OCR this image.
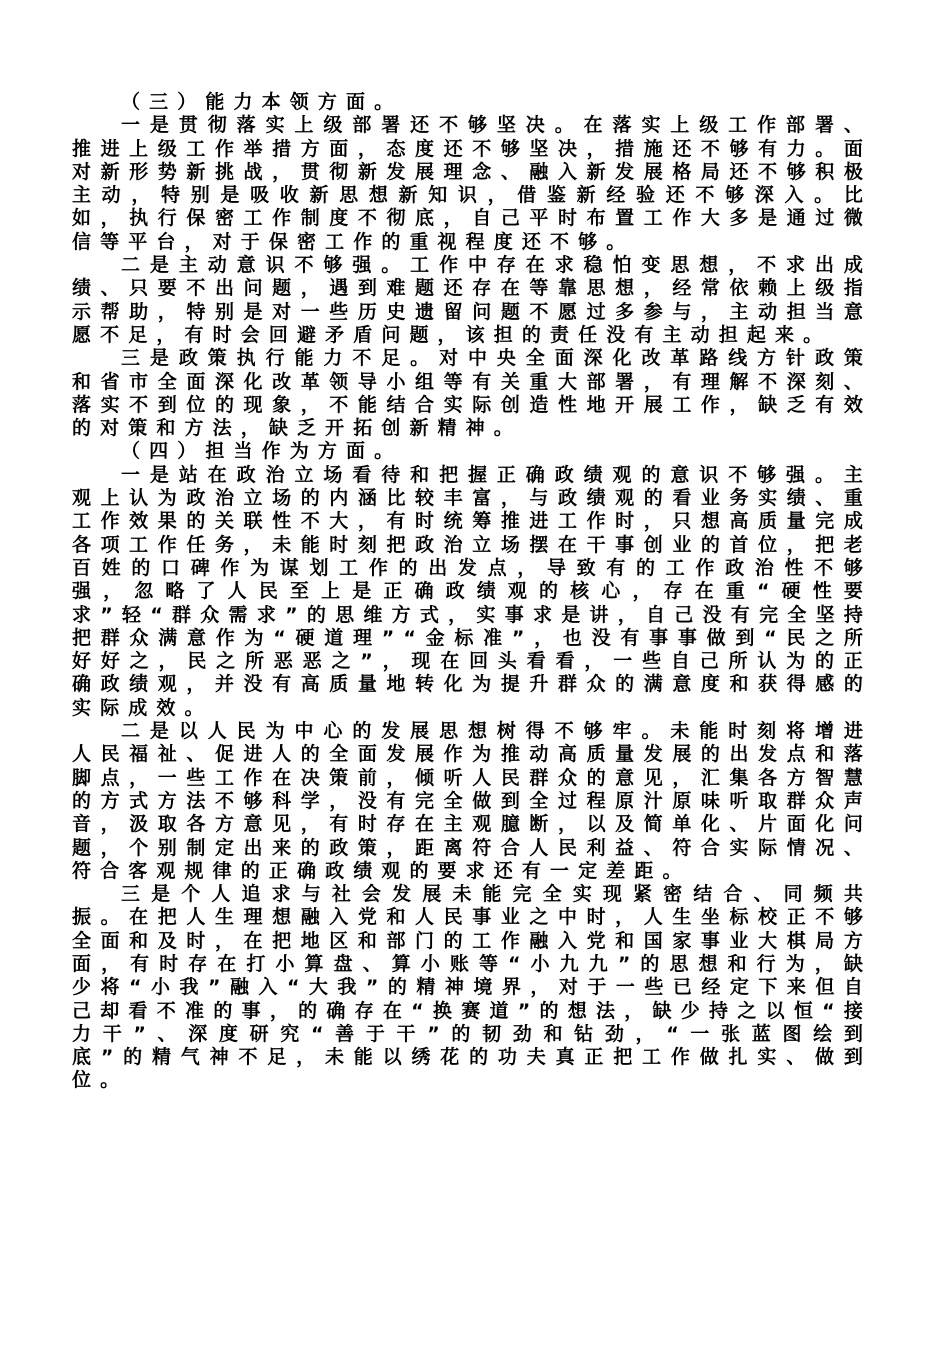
（三）能力本领方面。

一是贯彻落实上级部署还不够坚决。在落实上级工作部署、推进上级工作举措方面，态度还不够坚决，措施还不够有力。面对新形势新挑战，贯彻新发展理念、融入新发展格局还不够积极主动，特别是吸收新思想新知识，借鉴新经验还不够深入。比如，执行保密工作制度不彻底，自己平时布置工作大多是通过微信等平台，对于保密工作的重视程度还不够。

二是主动意识不够强。工作中存在求稳怕变思想，不求出成绩、只要不出问题，遇到难题还存在等靠思想，经常依赖上级指示帮助，特别是对一些历史遗留问题不愿过多参与，主动担当意愿不足，有时会回避矛盾问题，该担的责任没有主动担起来。

三是政策执行能力不足。对中央全面深化改革路线方针政策和省市全面深化改革领导小组等有关重大部署，有理解不深刻、落实不到位的现象，不能结合实际创造性地开展工作，缺乏有效的对策和方法，缺乏开拓创新精神。

（四）担当作为方面。

一是站在政治立场看待和把握正确政绩观的意识不够强。主观上认为政治立场的内涵比较丰富，与政绩观的看业务实绩、重工作效果的关联性不大，有时统筹推进工作时，只想高质量完成各项工作任务，未能时刻把政治立场摆在干事创业的首位，把老百姓的口碑作为谋划工作的出发点，导致有的工作政治性不够强，忽略了人民至上是正确政绩观的核心，存在重“硬性要求”轻“群众需求”的思维方式，实事求是讲，自己没有完全坚持把群众满意作为“硬道理”“金标准”，也没有事事做到“民之所好好之，民之所恶恶之”，现在回头看看，一些自己所认为的正确政绩观，并没有高质量地转化为提升群众的满意度和获得感的实际成效。

二是以人民为中心的发展思想树得不够牢。未能时刻将增进人民福祉、促进人的全面发展作为推动高质量发展的出发点和落脚点，一些工作在决策前，倾听人民群众的意见，汇集各方智慧的方式方法不够科学，没有完全做到全过程原汁原味听取群众声音，汲取各方意见，有时存在主观臆断，以及简单化、片面化问题，个别制定出来的政策，距离符合人民利益、符合实际情况、符合客观规律的正确政绩观的要求还有一定差距。

三是个人追求与社会发展未能完全实现紧密结合、同频共振。在把人生理想融入党和人民事业之中时，人生坐标校正不够全面和及时，在把地区和部门的工作融入党和国家事业大棋局方面，有时存在打小算盘、算小账等“小九九”的思想和行为，缺少将“小我”融入“大我”的精神境界，对于一些已经定下来但自己却看不准的事，的确存在“换赛道”的想法，缺少持之以恒“接力干”、深度研究“善于干”的韧劲和钻劲，“一张蓝图绘到底”的精气神不足，未能以绣花的功夫真正把工作做扎实、做到位。
